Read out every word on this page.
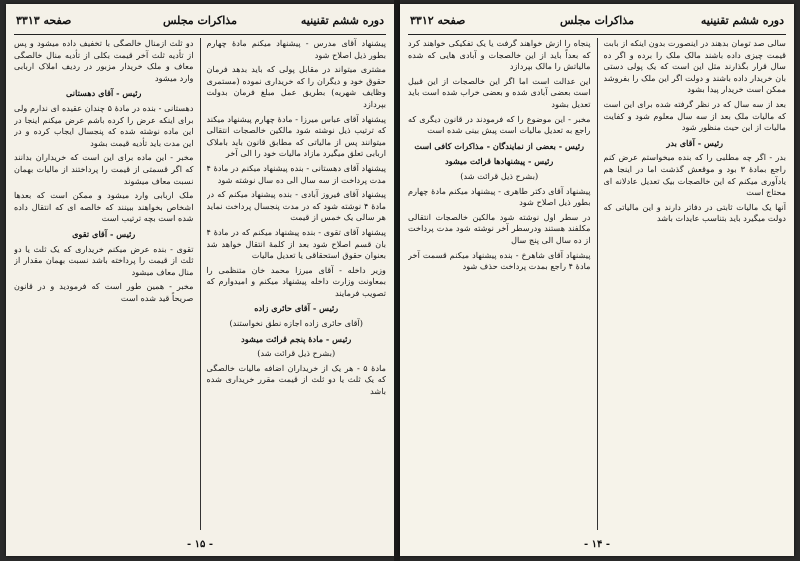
دوره ششم تقنینیه
مذاکرات مجلس
صفحه ۳۳۱۳

پیشنهاد آقای مدرس - پیشنهاد میکنم مادهٔ چهارم بطور ذیل اصلاح شود

مشتری میتواند در مقابل پولی که باید بدهد فرمان حقوق خود و دیگران را که خریداری نموده (مستمری وظایف شهریه) بطریق عمل مبلغ فرمان بدولت بپردازد

پیشنهاد آقای عباس میرزا - مادهٔ چهارم پیشنهاد میکند که ترتیب ذیل نوشته شود مالکین خالصجات انتقالی میتوانند پس از مالیاتی که مطابق قانون باید باملاک اربابی تعلق میگیرد مازاد مالیات خود را الی آخر

پیشنهاد آقای دهستانی - بنده پیشنهاد میکنم در مادهٔ ۴ مدت پرداخت از سه سال الی ده سال نوشته شود

پیشنهاد آقای فیروز آبادی - بنده پیشنهاد میکنم که در مادهٔ ۴ نوشته شود که در مدت پنجسال پرداخت نماید هر سالی یک خمس از قیمت

پیشنهاد آقای تقوی - بنده پیشنهاد میکنم که در مادهٔ ۴ بان قسم اصلاح شود بعد از کلمهٔ انتقال خواهد شد بعنوان حقوق استحقاقی یا تعدیل مالیات

وزیر داخله - آقای میرزا محمد خان متنظمی را بمعاونت وزارت داخله پیشنهاد میکنم و امیدوارم که تصویب فرمایند

رئیس - آقای حائری زاده

(آقای حائری زاده اجازه نطق نخواستند)

رئیس - مادهٔ پنجم قرائت میشود

(بشرح ذیل قرائت شد)

مادهٔ ۵ - هر یک از خریداران اضافه مالیات خالصگی که یک ثلث یا دو ثلث از قیمت مقرر خریداری شده باشد

دو ثلث ازمنال خالصگی با تخفیف داده میشود و پس از تأدیه ثلث آخر قیمت بکلی از تأدیه منال خالصگی معاف و ملک خریدار مزبور در ردیف املاک اربابی وارد میشود

رئیس - آقای دهستانی

دهستانی - بنده در مادهٔ ۵ چندان عقیده ای ندارم ولی برای اینکه عرض را کرده باشم عرض میکنم اینجا در این ماده نوشته شده که پنجسال ایجاب کرده و در این مدت باید تأدیه قیمت بشود

مخبر - این ماده برای این است که خریداران بدانند که اگر قسمتی از قیمت را پرداختند از مالیات بهمان نسبت معاف میشوند

ملک اربابی وارد میشود و ممکن است که بعدها اشخاص بخواهند ببینند که خالصه ای که انتقال داده شده است بچه ترتیب است

رئیس - آقای تقوی

تقوی - بنده عرض میکنم خریداری که یک ثلث یا دو ثلث از قیمت را پرداخته باشد نسبت بهمان مقدار از منال معاف میشود

مخبر - همین طور است که فرمودید و در قانون صریحاً قید شده است

- ۱۵ -
دوره ششم تقنینیه
مذاکرات مجلس
صفحه ۳۳۱۲

سالی صد تومان بدهند در اینصورت بدون اینکه از بابت قیمت چیزی داده باشند مالک ملک را برده و اگر ده سال قرار بگذارند مثل این است که یک پولی دستی بان خریدار داده باشند و دولت اگر این ملک را بفروشد ممکن است خریدار پیدا بشود

بعد از سه سال که در نظر گرفته شده برای این است که مالیات ملک بعد از سه سال معلوم شود و کفایت مالیات از این حیث منظور شود

رئیس - آقای بدر

بدر - اگر چه مطلبی را که بنده میخواستم عرض کنم راجع بمادهٔ ۳ بود و موقعش گذشت اما در اینجا هم یادآوری میکنم که این خالصجات بیک تعدیل عادلانه ای محتاج است

آنها یک مالیات ثابتی در دفاتر دارند و این مالیاتی که دولت میگیرد باید بتناسب عایدات باشد

پنجاه را ازش خواهند گرفت یا یک تفکیکی خواهند کرد که بعداً باید از این خالصجات و آبادی هایی که شده مالیاتش را مالک بپردازد

این عدالت است اما اگر این خالصجات از این قبیل است بعضی آبادی شده و بعضی خراب شده است باید تعدیل بشود

مخبر - این موضوع را که فرمودند در قانون دیگری که راجع به تعدیل مالیات است پیش بینی شده است

رئیس - بعضی از نمایندگان - مذاکرات کافی است

رئیس - پیشنهادها قرائت میشود

(بشرح ذیل قرائت شد)

پیشنهاد آقای دکتر طاهری - پیشنهاد میکنم مادهٔ چهارم بطور ذیل اصلاح شود

در سطر اول نوشته شود مالکین خالصجات انتقالی مکلفند هستند ودرسطر آخر نوشته شود مدت پرداخت از ده سال الی پنج سال

پیشنهاد آقای شاهرخ - بنده پیشنهاد میکنم قسمت آخر مادهٔ ۴ راجع بمدت پرداخت حذف شود

- ۱۴ -
